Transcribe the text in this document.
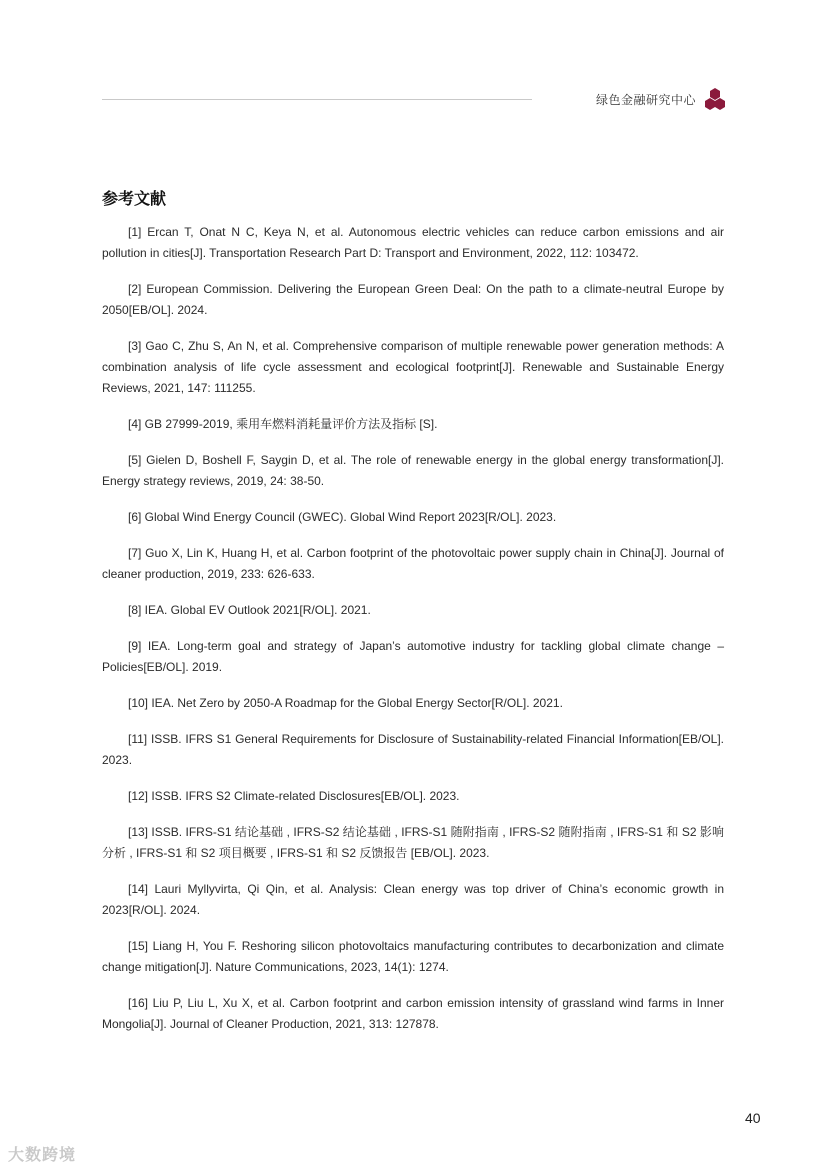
绿色金融研究中心
参考文献
[1] Ercan T, Onat N C, Keya N, et al. Autonomous electric vehicles can reduce carbon emissions and air pollution in cities[J]. Transportation Research Part D: Transport and Environment, 2022, 112: 103472.
[2] European Commission. Delivering the European Green Deal: On the path to a climate-neutral Europe by 2050[EB/OL]. 2024.
[3] Gao C, Zhu S, An N, et al. Comprehensive comparison of multiple renewable power generation methods: A combination analysis of life cycle assessment and ecological footprint[J]. Renewable and Sustainable Energy Reviews, 2021, 147: 111255.
[4] GB 27999-2019, 乘用车燃料消耗量评价方法及指标 [S].
[5] Gielen D, Boshell F, Saygin D, et al. The role of renewable energy in the global energy transformation[J]. Energy strategy reviews, 2019, 24: 38-50.
[6] Global Wind Energy Council (GWEC). Global Wind Report 2023[R/OL]. 2023.
[7] Guo X, Lin K, Huang H, et al. Carbon footprint of the photovoltaic power supply chain in China[J]. Journal of cleaner production, 2019, 233: 626-633.
[8] IEA. Global EV Outlook 2021[R/OL]. 2021.
[9] IEA. Long-term goal and strategy of Japan’s automotive industry for tackling global climate change – Policies[EB/OL]. 2019.
[10] IEA. Net Zero by 2050-A Roadmap for the Global Energy Sector[R/OL]. 2021.
[11] ISSB. IFRS S1 General Requirements for Disclosure of Sustainability-related Financial Information[EB/OL]. 2023.
[12] ISSB. IFRS S2 Climate-related Disclosures[EB/OL]. 2023.
[13] ISSB. IFRS-S1 结论基础 , IFRS-S2 结论基础 , IFRS-S1 随附指南 , IFRS-S2 随附指南 , IFRS-S1 和 S2 影响分析 , IFRS-S1 和 S2 项目概要 , IFRS-S1 和 S2 反馈报告 [EB/OL]. 2023.
[14] Lauri Myllyvirta, Qi Qin, et al. Analysis: Clean energy was top driver of China’s economic growth in 2023[R/OL]. 2024.
[15] Liang H, You F. Reshoring silicon photovoltaics manufacturing contributes to decarbonization and climate change mitigation[J]. Nature Communications, 2023, 14(1): 1274.
[16] Liu P, Liu L, Xu X, et al. Carbon footprint and carbon emission intensity of grassland wind farms in Inner Mongolia[J]. Journal of Cleaner Production, 2021, 313: 127878.
40
大数跨境
